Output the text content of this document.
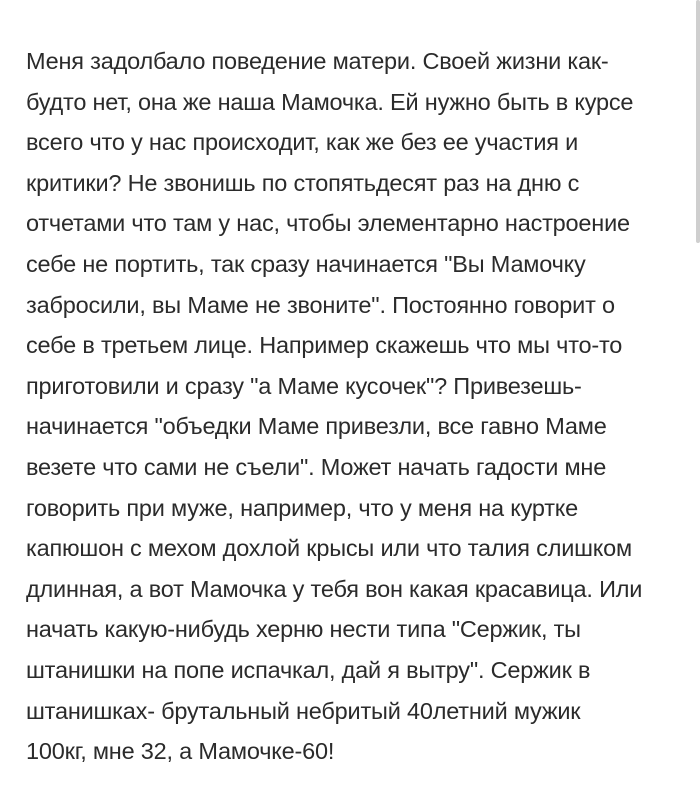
Меня задолбало поведение матери. Своей жизни как-
будто нет, она же наша Мамочка. Ей нужно быть в курсе
всего что у нас происходит, как же без ее участия и
критики? Не звонишь по стопятьдесят раз на дню с
отчетами что там у нас, чтобы элементарно настроение
себе не портить, так сразу начинается "Вы Мамочку
забросили, вы Маме не звоните". Постоянно говорит о
себе в третьем лице. Например скажешь что мы что-то
приготовили и сразу "а Маме кусочек"? Привезешь-
начинается "объедки Маме привезли, все гавно Маме
везете что сами не съели". Может начать гадости мне
говорить при муже, например, что у меня на куртке
капюшон с мехом дохлой крысы или что талия слишком
длинная, а вот Мамочка у тебя вон какая красавица. Или
начать какую-нибудь херню нести типа "Сержик, ты
штанишки на попе испачкал, дай я вытру". Сержик в
штанишках- брутальный небритый 40летний мужик
100кг, мне 32, а Мамочке-60!
